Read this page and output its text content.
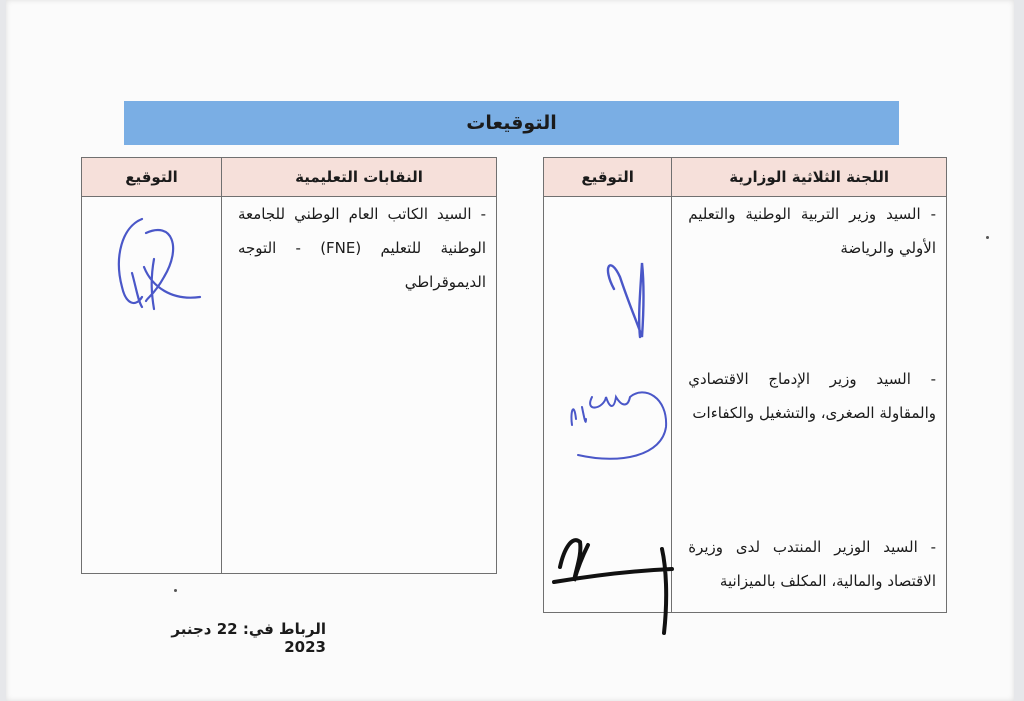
التوقيعات
اللجنة الثلاثية الوزارية	التوقيع

- السيد وزير التربية الوطنية والتعليم الأولي والرياضة
- السيد وزير الإدماج الاقتصادي والمقاولة الصغرى، والتشغيل والكفاءات
- السيد الوزير المنتدب لدى وزيرة الاقتصاد والمالية، المكلف بالميزانية

النقابات التعليمية	التوقيع

- السيد الكاتب العام الوطني للجامعة الوطنية للتعليم (FNE) - التوجه الديموقراطي

الرباط في: 22 دجنبر 2023
